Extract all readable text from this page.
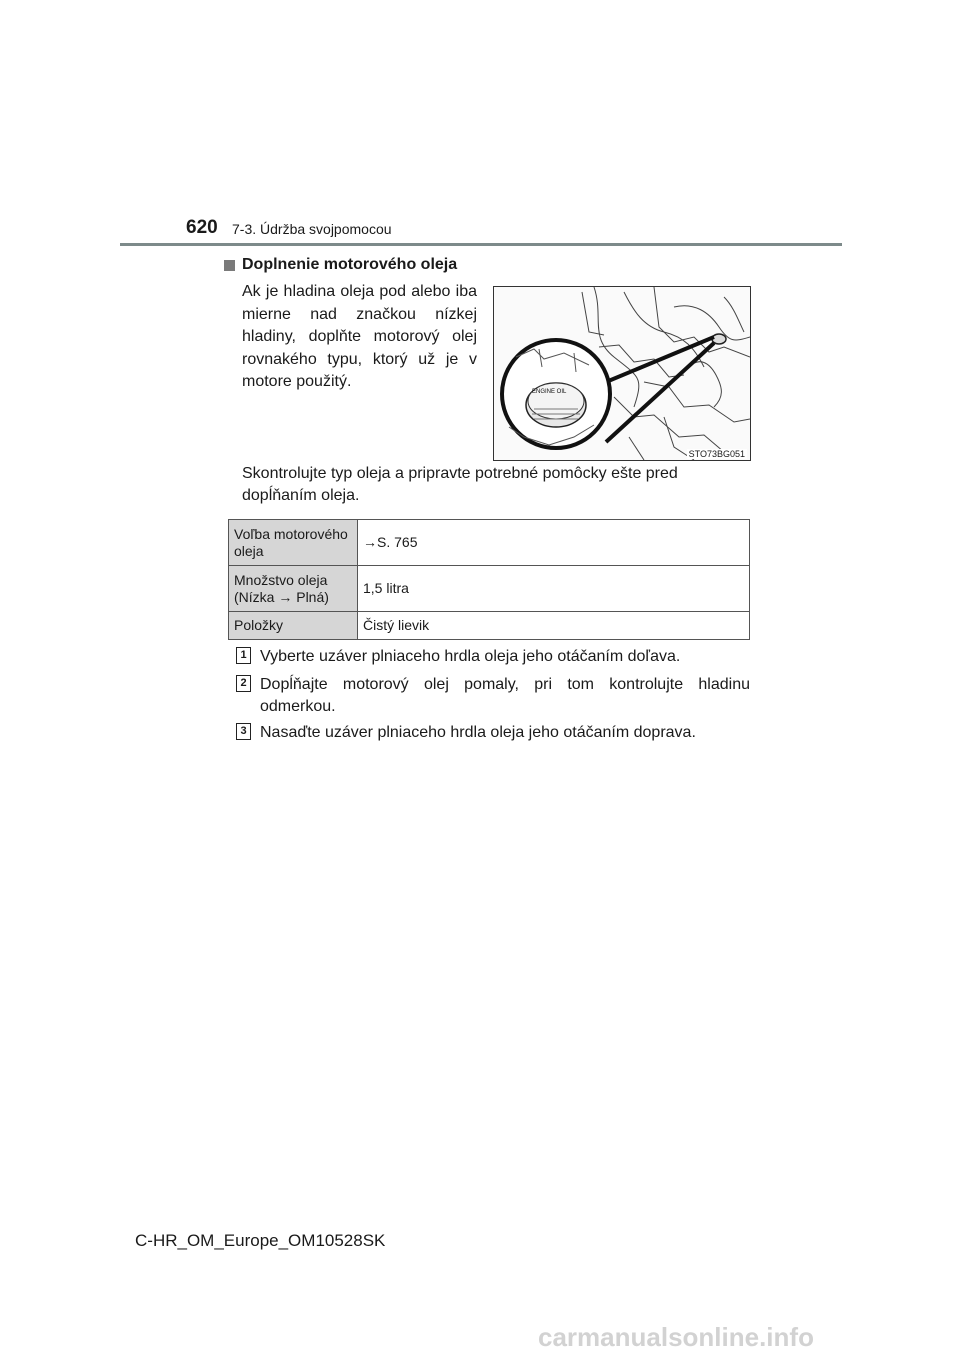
620 7-3. Údržba svojpomocou
Doplnenie motorového oleja
Ak je hladina oleja pod alebo iba mierne nad značkou nízkej hladiny, doplňte motorový olej rovnakého typu, ktorý už je v motore použitý.
ENGINE OIL
STO73BG051
Skontrolujte typ oleja a pripravte potrebné pomôcky ešte pred dopĺňaním oleja.
Voľba motorového
oleja	→S. 765
Množstvo oleja
(Nízka → Plná)	1,5 litra
Položky	Čistý lievik
1 Vyberte uzáver plniaceho hrdla oleja jeho otáčaním doľava.
2 Dopĺňajte motorový olej pomaly, pri tom kontrolujte hladinu odmerkou.
3 Nasaďte uzáver plniaceho hrdla oleja jeho otáčaním doprava.
C-HR_OM_Europe_OM10528SK
carmanualsonline.info
